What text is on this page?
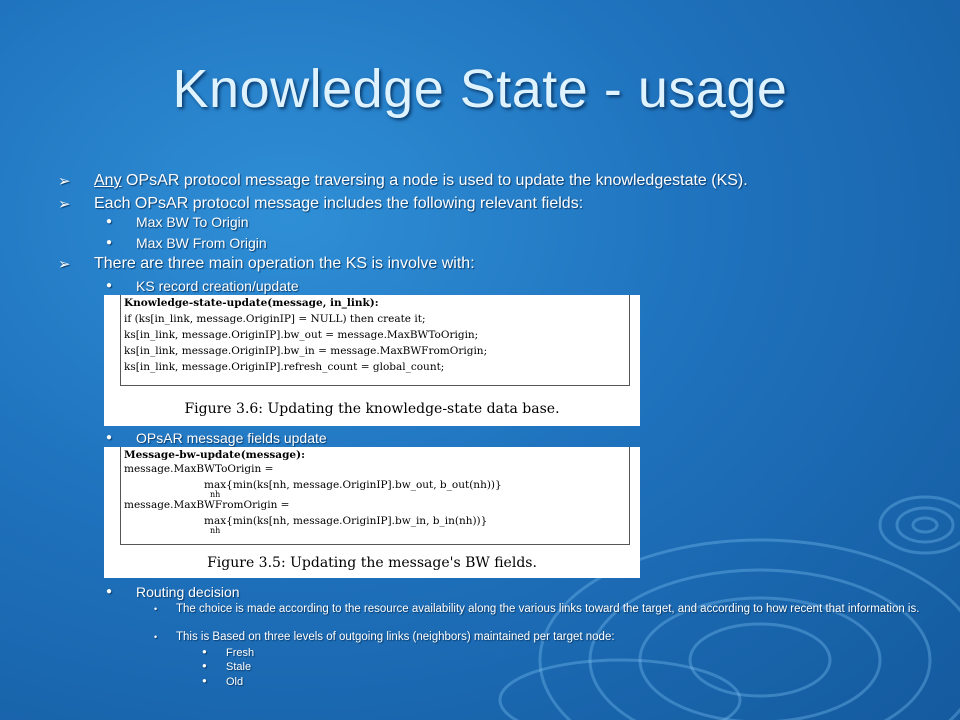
Knowledge State - usage
➢ Any OPsAR protocol message traversing a node is used to update the knowledgestate (KS).
➢ Each OPsAR protocol message includes the following relevant fields:
● Max BW To Origin
● Max BW From Origin
➢ There are three main operation the KS is involve with:
● KS record creation/update
Knowledge-state-update(message, in_link):
if (ks[in_link, message.OriginIP] = NULL) then create it;
ks[in_link, message.OriginIP].bw_out = message.MaxBWToOrigin;
ks[in_link, message.OriginIP].bw_in = message.MaxBWFromOrigin;
ks[in_link, message.OriginIP].refresh_count = global_count;
Figure 3.6: Updating the knowledge-state data base.
● OPsAR message fields update
Message-bw-update(message):
message.MaxBWToOrigin =
max{min(ks[nh, message.OriginIP].bw_out, b_out(nh))}
nh
message.MaxBWFromOrigin =
max{min(ks[nh, message.OriginIP].bw_in, b_in(nh))}
nh
Figure 3.5: Updating the message's BW fields.
● Routing decision
• The choice is made according to the resource availability along the various links toward the target, and according to how recent that information is.
• This is Based on three levels of outgoing links (neighbors) maintained per target node:
● Fresh
● Stale
● Old
